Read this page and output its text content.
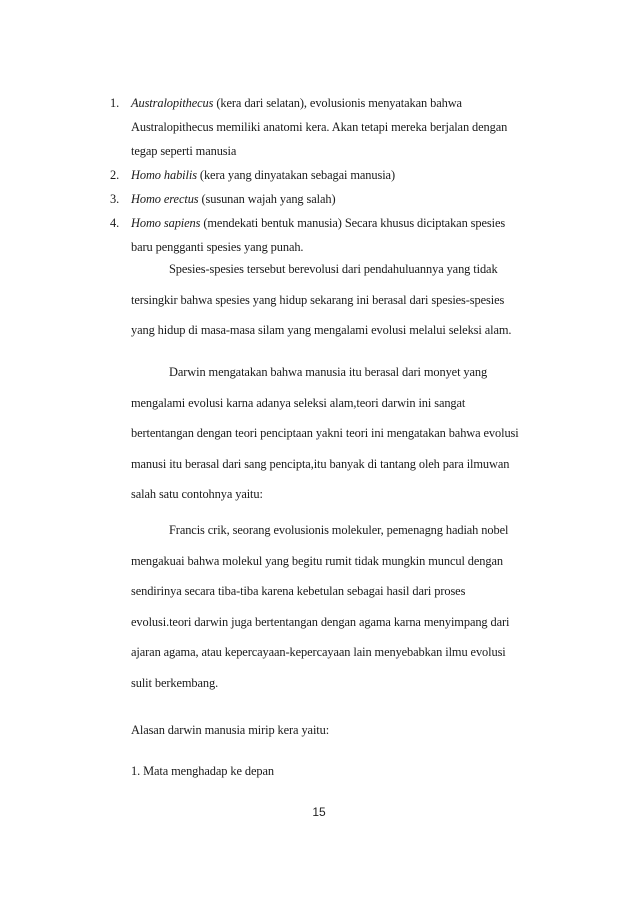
1. Australopithecus (kera dari selatan), evolusionis menyatakan bahwa
Australopithecus memiliki anatomi kera. Akan tetapi mereka berjalan dengan
tegap seperti manusia
2. Homo habilis (kera yang dinyatakan sebagai manusia)
3. Homo erectus (susunan wajah yang salah)
4. Homo sapiens (mendekati bentuk manusia) Secara khusus diciptakan spesies
baru pengganti spesies yang punah.
Spesies-spesies tersebut berevolusi dari pendahuluannya yang tidak
tersingkir bahwa spesies yang hidup sekarang ini berasal dari spesies-spesies
yang hidup di masa-masa silam yang mengalami evolusi melalui seleksi alam.
Darwin mengatakan bahwa manusia itu berasal dari monyet yang
mengalami evolusi karna adanya seleksi alam,teori darwin ini sangat
bertentangan dengan teori penciptaan yakni teori ini mengatakan bahwa evolusi
manusi itu berasal dari sang pencipta,itu banyak di tantang oleh para ilmuwan
salah satu contohnya yaitu:
Francis crik, seorang evolusionis molekuler, pemenagng hadiah nobel
mengakuai bahwa molekul yang begitu rumit tidak mungkin muncul dengan
sendirinya secara tiba-tiba karena kebetulan sebagai hasil dari proses
evolusi.teori darwin juga bertentangan dengan agama karna menyimpang dari
ajaran agama, atau kepercayaan-kepercayaan lain menyebabkan ilmu evolusi
sulit berkembang.
Alasan darwin manusia mirip kera yaitu:
1. Mata menghadap ke depan
15
